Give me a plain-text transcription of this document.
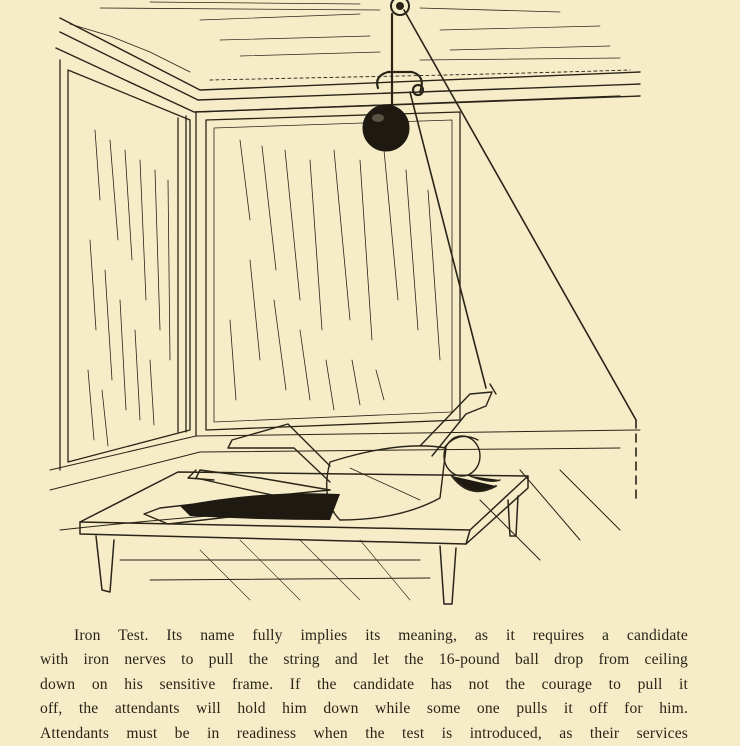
Iron Test. Its name fully implies its meaning, as it requires a candidate
with iron nerves to pull the string and let the 16-pound ball drop from ceiling
down on his sensitive frame. If the candidate has not the courage to pull it
off, the attendants will hold him down while some one pulls it off for him.
Attendants must be in readiness when the test is introduced, as their services
